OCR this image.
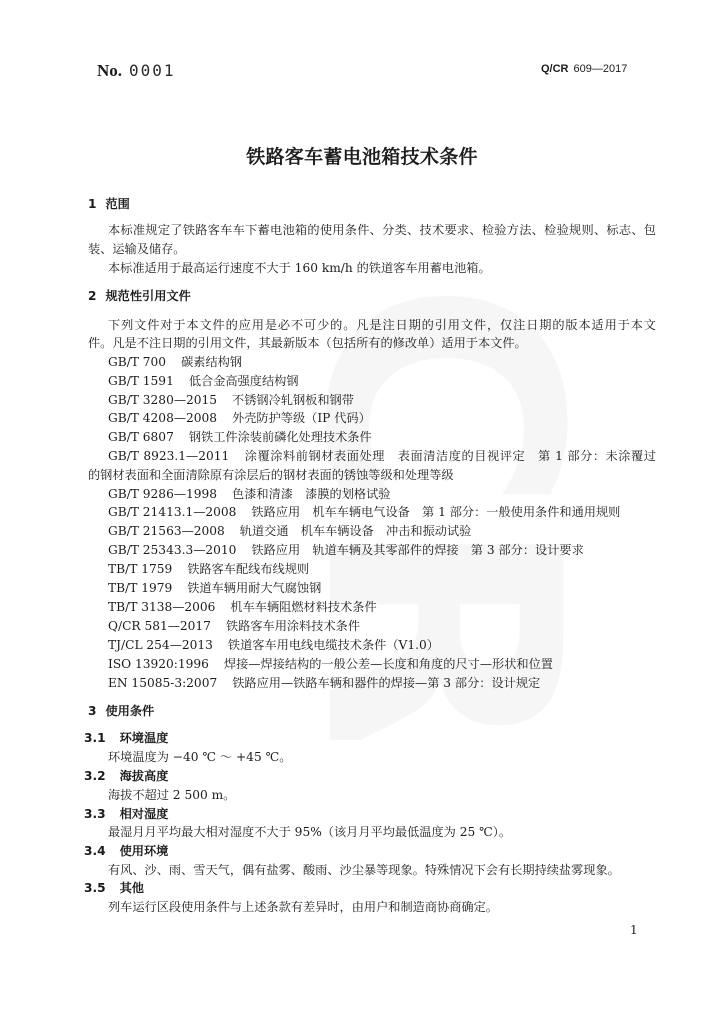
No. 0001	Q/CR 609—2017
铁路客车蓄电池箱技术条件
1 范围
本标准规定了铁路客车车下蓄电池箱的使用条件、分类、技术要求、检验方法、检验规则、标志、包
装、运输及储存。
本标准适用于最高运行速度不大于 160 km/h 的铁道客车用蓄电池箱。
2 规范性引用文件
下列文件对于本文件的应用是必不可少的。凡是注日期的引用文件，仅注日期的版本适用于本文
件。凡是不注日期的引用文件，其最新版本（包括所有的修改单）适用于本文件。
GB/T 700 碳素结构钢
GB/T 1591 低合金高强度结构钢
GB/T 3280—2015 不锈钢冷轧钢板和钢带
GB/T 4208—2008 外壳防护等级（IP 代码）
GB/T 6807 钢铁工件涂装前磷化处理技术条件
GB/T 8923.1—2011 涂覆涂料前钢材表面处理　表面清洁度的目视评定　第 1 部分：未涂覆过
的钢材表面和全面清除原有涂层后的钢材表面的锈蚀等级和处理等级
GB/T 9286—1998 色漆和清漆　漆膜的划格试验
GB/T 21413.1—2008 铁路应用　机车车辆电气设备　第 1 部分：一般使用条件和通用规则
GB/T 21563—2008 轨道交通　机车车辆设备　冲击和振动试验
GB/T 25343.3—2010 铁路应用　轨道车辆及其零部件的焊接　第 3 部分：设计要求
TB/T 1759 铁路客车配线布线规则
TB/T 1979 铁道车辆用耐大气腐蚀钢
TB/T 3138—2006 机车车辆阻燃材料技术条件
Q/CR 581—2017 铁路客车用涂料技术条件
TJ/CL 254—2013 铁道客车用电线电缆技术条件（V1.0）
ISO 13920:1996 焊接—焊接结构的一般公差—长度和角度的尺寸—形状和位置
EN 15085-3:2007 铁路应用—铁路车辆和器件的焊接—第 3 部分：设计规定
3 使用条件
3.1 环境温度
环境温度为 −40 ℃ ～ +45 ℃。
3.2 海拔高度
海拔不超过 2 500 m。
3.3 相对湿度
最湿月月平均最大相对湿度不大于 95%（该月月平均最低温度为 25 ℃）。
3.4 使用环境
有风、沙、雨、雪天气，偶有盐雾、酸雨、沙尘暴等现象。特殊情况下会有长期持续盐雾现象。
3.5 其他
列车运行区段使用条件与上述条款有差异时，由用户和制造商协商确定。
1
